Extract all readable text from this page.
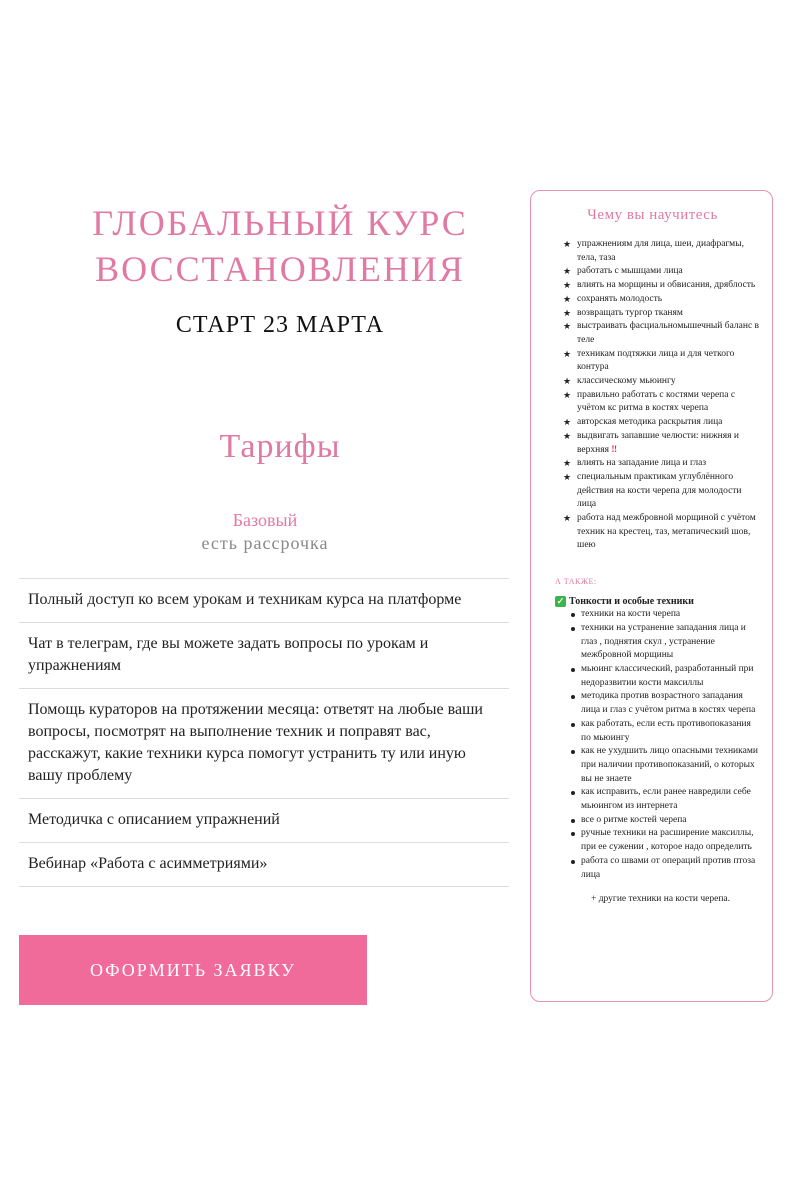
ГЛОБАЛЬНЫЙ КУРС
ВОССТАНОВЛЕНИЯ
СТАРТ 23 МАРТА
Тарифы
Базовый
есть рассрочка
Полный доступ ко всем урокам и техникам курса на платформе
Чат в телеграм, где вы можете задать вопросы по урокам и упражнениям
Помощь кураторов на протяжении месяца: ответят на любые ваши вопросы, посмотрят на выполнение техник и поправят вас, расскажут, какие техники курса помогут устранить ту или иную вашу проблему
Методичка с описанием упражнений
Вебинар «Работа с асимметриями»
ОФОРМИТЬ ЗАЯВКУ
Чему вы научитесь
★ упражнениям для лица, шеи, диафрагмы, тела, таза
★ работать с мышцами лица
★ влиять на морщины и обвисания, дряблость
★ сохранять молодость
★ возвращать тургор тканям
★ выстраивать фасциальномышечный баланс в теле
★ техникам подтяжки лица и для четкого контура
★ классическому мьюингу
★ правильно работать с костями черепа с учётом кс ритма в костях черепа
★ авторская методика раскрытия лица
★ выдвигать запавшие челюсти: нижняя и верхняя ‼
★ влиять на западание лица и глаз
★ специальным практикам углублённого действия на кости черепа для молодости лица
★ работа над межбровной морщиной с учётом техник на крестец, таз, метапический шов, шею
А ТАКЖЕ:
✓ Тонкости и особые техники
техники на кости черепа
техники на устранение западания лица и глаз , поднятия скул , устранение межбровной морщины
мьюинг классический, разработанный при недоразвитии кости максиллы
методика против возрастного западания лица и глаз с учётом ритма в костях черепа
как работать, если есть противопоказания по мьюингу
как не ухудшить лицо опасными техниками при наличии противопоказаний, о которых вы не знаете
как исправить, если ранее навредили себе мьюингом из интернета
все о ритме костей черепа
ручные техники на расширение максиллы, при ее сужении , которое надо определить
работа со швами от операций против птоза лица
+ другие техники на кости черепа.
